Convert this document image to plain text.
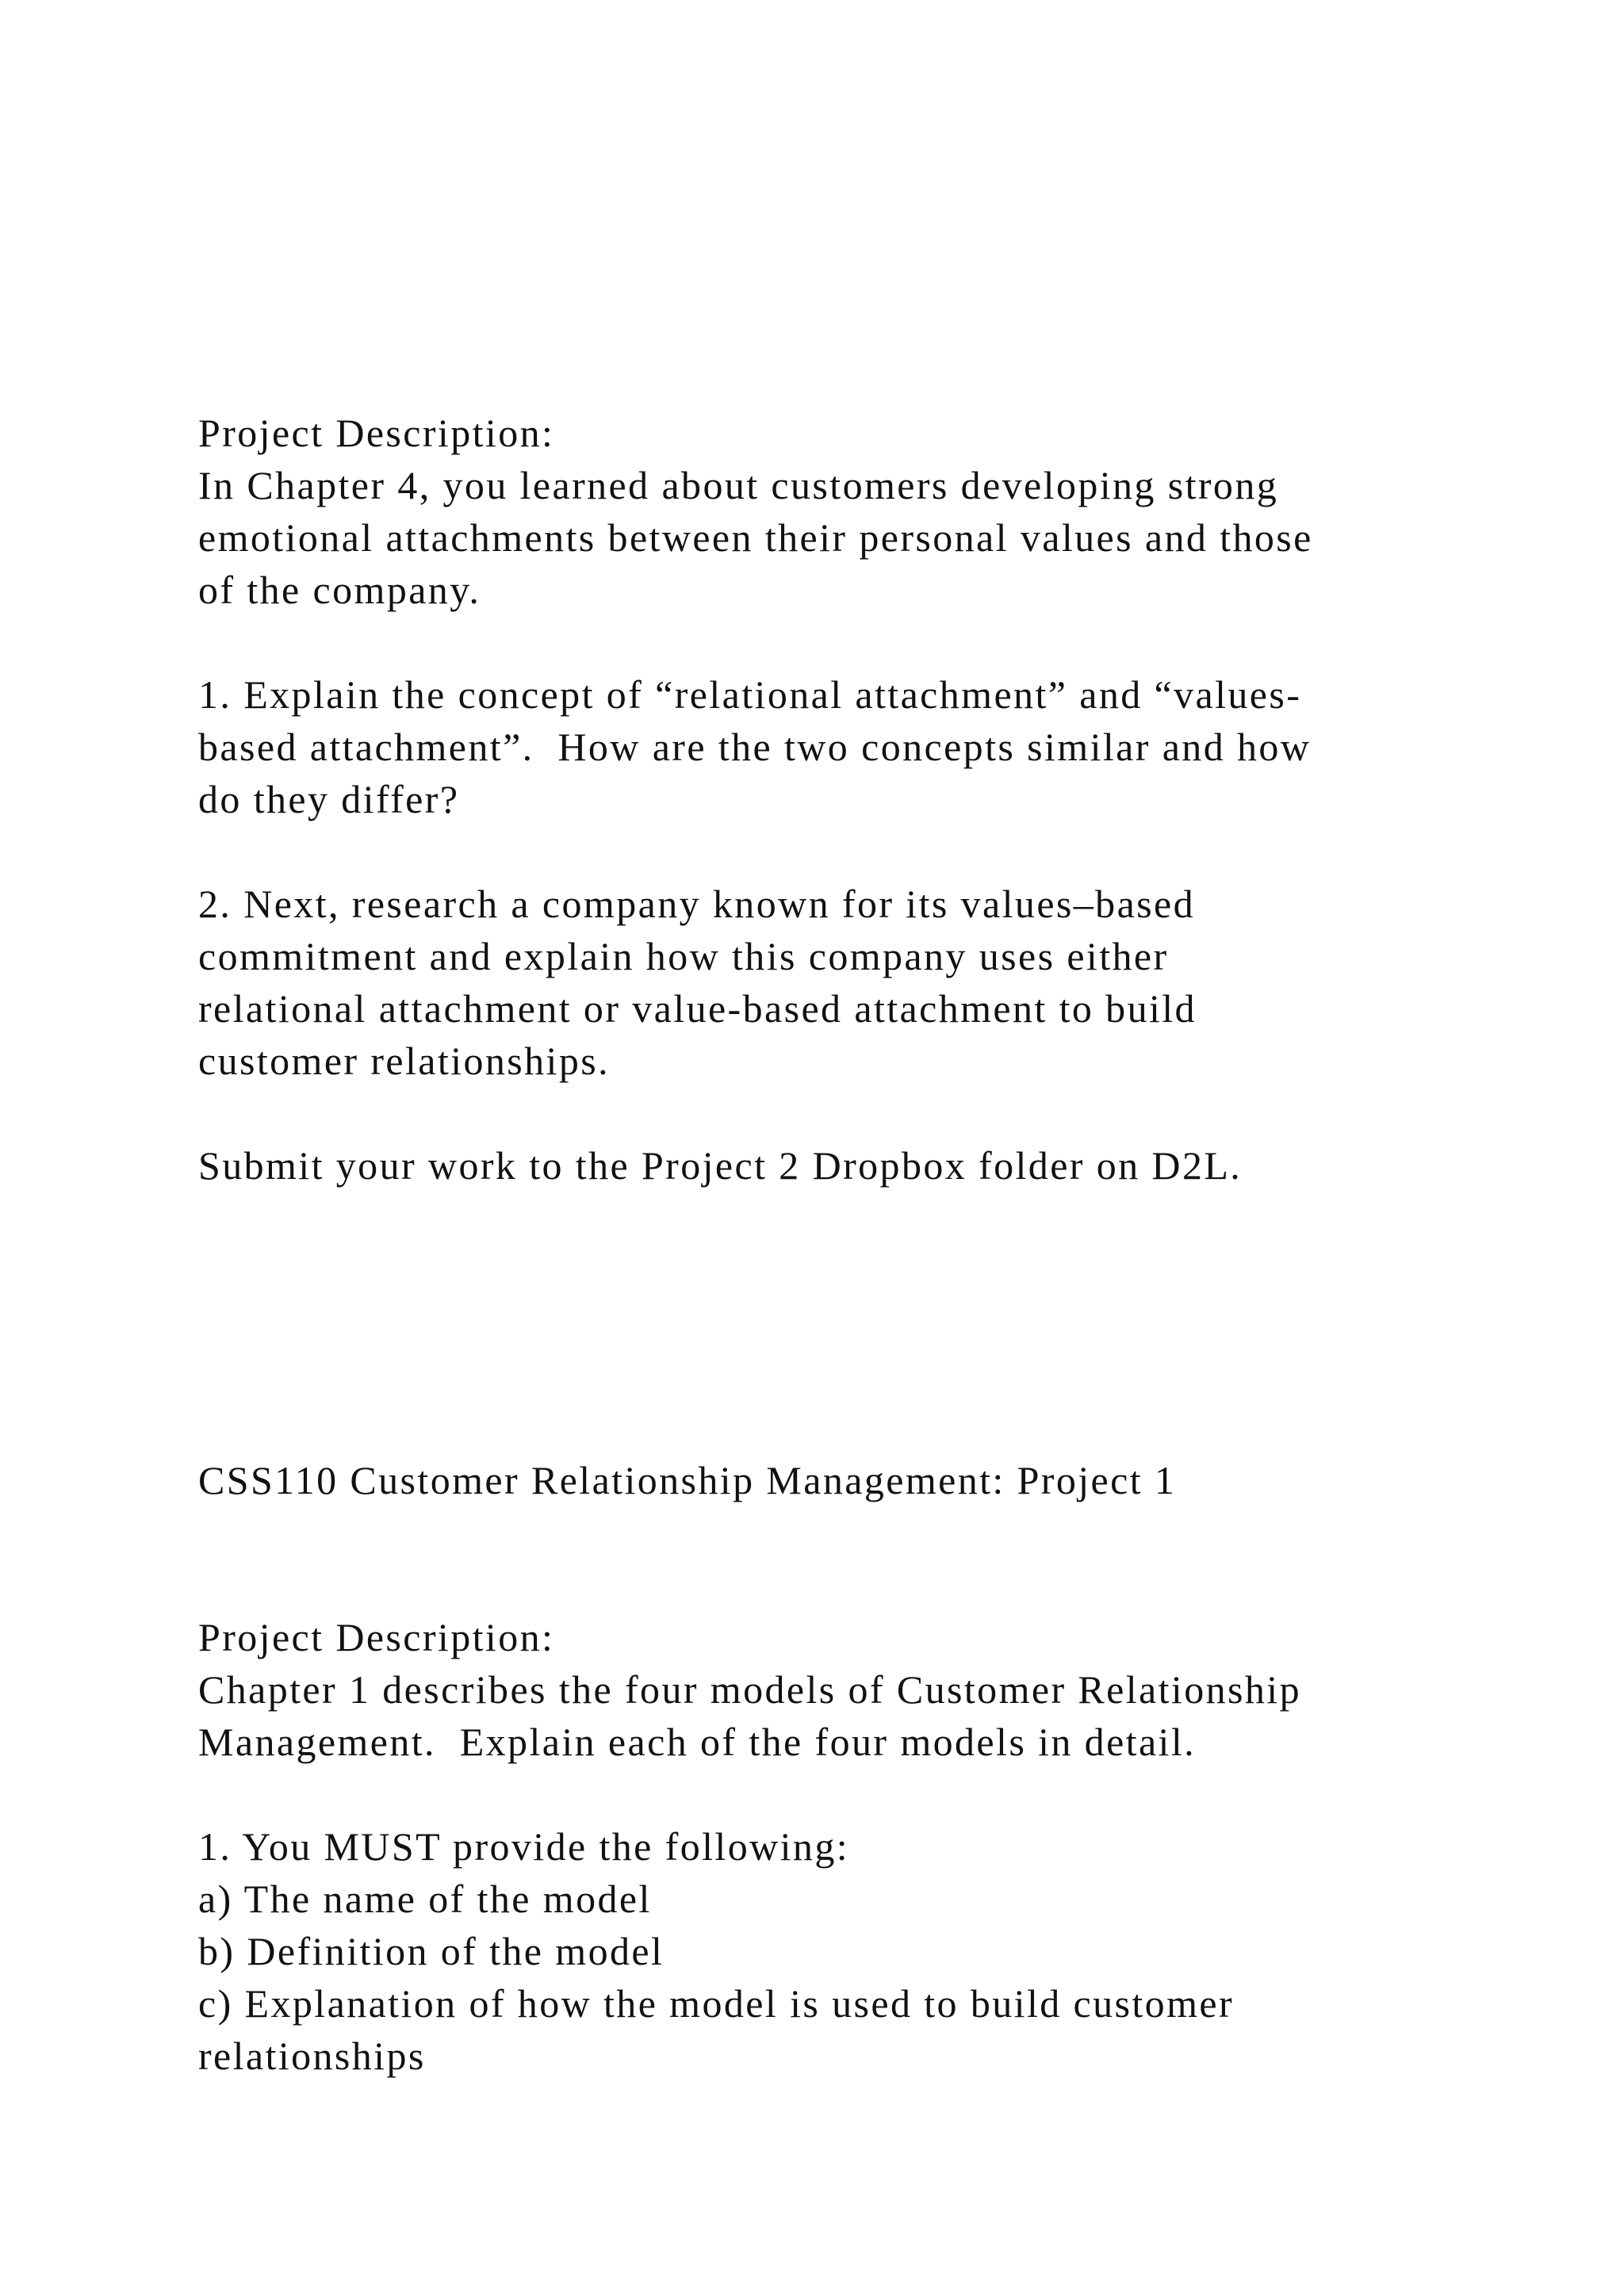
Project Description:

In Chapter 4, you learned about customers developing strong

emotional attachments between their personal values and those

of the company.

1. Explain the concept of “relational attachment” and “values-

based attachment”.  How are the two concepts similar and how

do they differ?

2. Next, research a company known for its values–based

commitment and explain how this company uses either

relational attachment or value-based attachment to build

customer relationships.

Submit your work to the Project 2 Dropbox folder on D2L.

CSS110 Customer Relationship Management: Project 1

Project Description:

Chapter 1 describes the four models of Customer Relationship

Management.  Explain each of the four models in detail.

1. You MUST provide the following:

a) The name of the model

b) Definition of the model

c) Explanation of how the model is used to build customer

relationships
